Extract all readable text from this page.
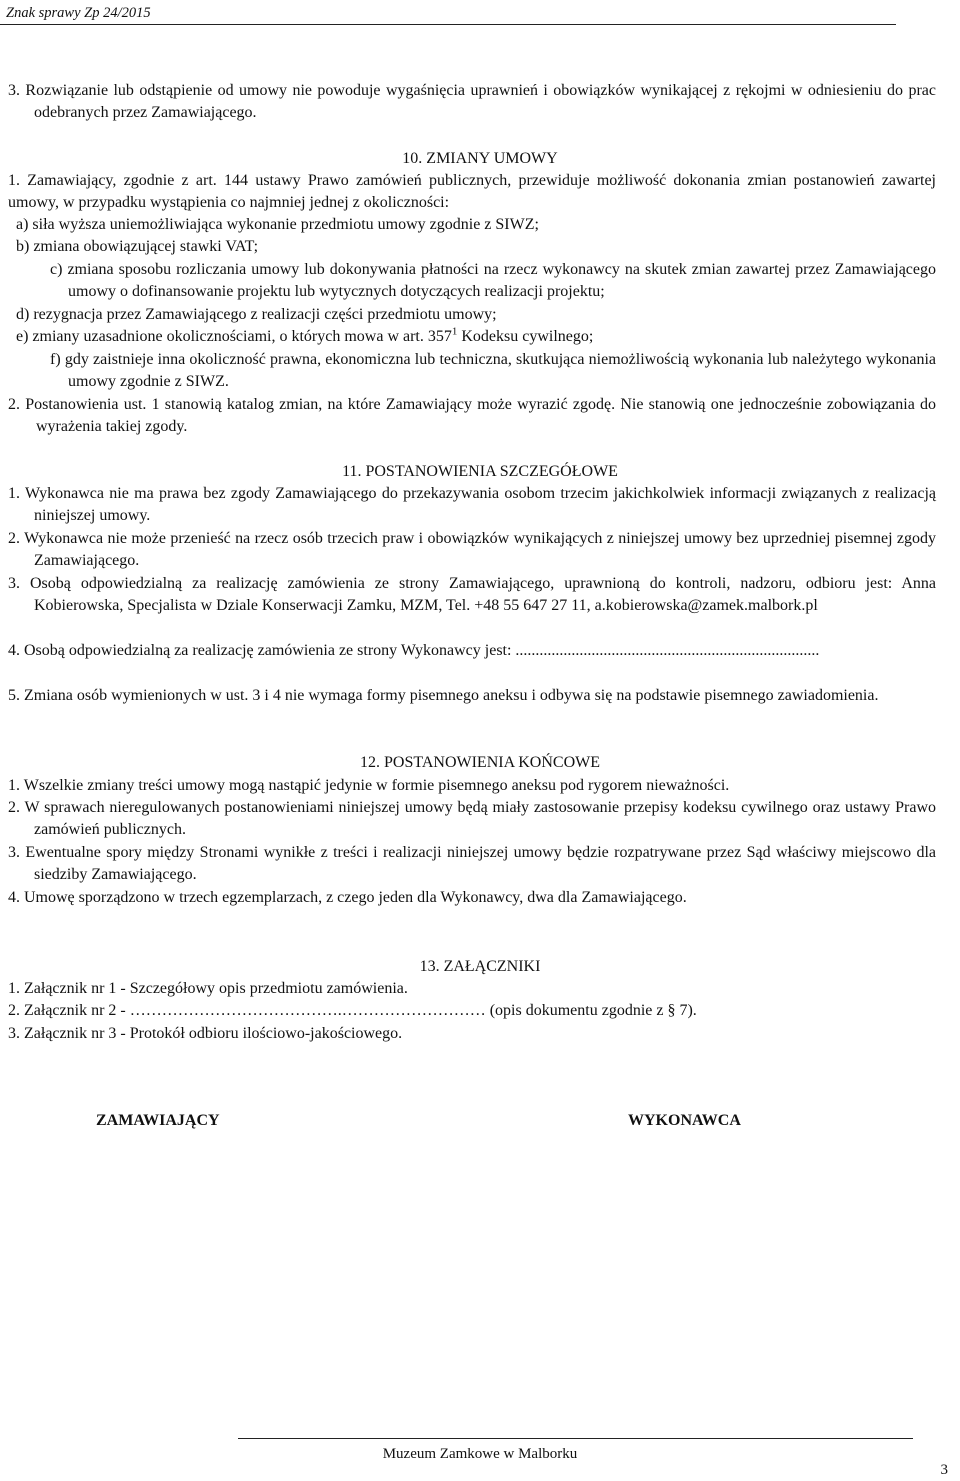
Znak sprawy Zp 24/2015
3. Rozwiązanie lub odstąpienie od umowy nie powoduje wygaśnięcia uprawnień i obowiązków wynikającej z rękojmi w odniesieniu do prac odebranych przez Zamawiającego.
10. ZMIANY UMOWY
1. Zamawiający, zgodnie z art. 144 ustawy Prawo zamówień publicznych, przewiduje możliwość dokonania zmian postanowień zawartej umowy, w przypadku wystąpienia co najmniej jednej z okoliczności:
a) siła wyższa uniemożliwiająca wykonanie przedmiotu umowy zgodnie z SIWZ;
b) zmiana obowiązującej stawki VAT;
c) zmiana sposobu rozliczania umowy lub dokonywania płatności na rzecz wykonawcy na skutek zmian zawartej przez Zamawiającego umowy o dofinansowanie projektu lub wytycznych dotyczących realizacji projektu;
d) rezygnacja przez Zamawiającego z realizacji części przedmiotu umowy;
e) zmiany uzasadnione okolicznościami, o których mowa w art. $357^1$ Kodeksu cywilnego;
f) gdy zaistnieje inna okoliczność prawna, ekonomiczna lub techniczna, skutkująca niemożliwością wykonania lub należytego wykonania umowy zgodnie z SIWZ.
2. Postanowienia ust. 1 stanowią katalog zmian, na które Zamawiający może wyrazić zgodę. Nie stanowią one jednocześnie zobowiązania do wyrażenia takiej zgody.
11. POSTANOWIENIA SZCZEGÓŁOWE
1. Wykonawca nie ma prawa bez zgody Zamawiającego do przekazywania osobom trzecim jakichkolwiek informacji związanych z realizacją niniejszej umowy.
2. Wykonawca nie może przenieść na rzecz osób trzecich praw i obowiązków wynikających z niniejszej umowy bez uprzedniej pisemnej zgody Zamawiającego.
3. Osobą odpowiedzialną za realizację zamówienia ze strony Zamawiającego, uprawnioną do kontroli, nadzoru, odbioru jest: Anna Kobierowska, Specjalista w Dziale Konserwacji Zamku, MZM, Tel. +48 55 647 27 11, a.kobierowska@zamek.malbork.pl
4. Osobą odpowiedzialną za realizację zamówienia ze strony Wykonawcy jest: ............................................................................
5. Zmiana osób wymienionych w ust. 3 i 4 nie wymaga formy pisemnego aneksu i odbywa się na podstawie pisemnego zawiadomienia.
12. POSTANOWIENIA KOŃCOWE
1. Wszelkie zmiany treści umowy mogą nastąpić jedynie w formie pisemnego aneksu pod rygorem nieważności.
2. W sprawach nieregulowanych postanowieniami niniejszej umowy będą miały zastosowanie przepisy kodeksu cywilnego oraz ustawy Prawo zamówień publicznych.
3. Ewentualne spory między Stronami wynikłe z treści i realizacji niniejszej umowy będzie rozpatrywane przez Sąd właściwy miejscowo dla siedziby Zamawiającego.
4. Umowę sporządzono w trzech egzemplarzach, z czego jeden dla Wykonawcy, dwa dla Zamawiającego.
13. ZAŁĄCZNIKI
1. Załącznik nr 1 - Szczegółowy opis przedmiotu zamówienia.
2. Załącznik nr 2 - ………………………………….……………………… (opis dokumentu zgodnie z § 7).
3. Załącznik nr 3 - Protokół odbioru ilościowo-jakościowego.
ZAMAWIAJĄCY	WYKONAWCA
Muzeum Zamkowe w Malborku
3
